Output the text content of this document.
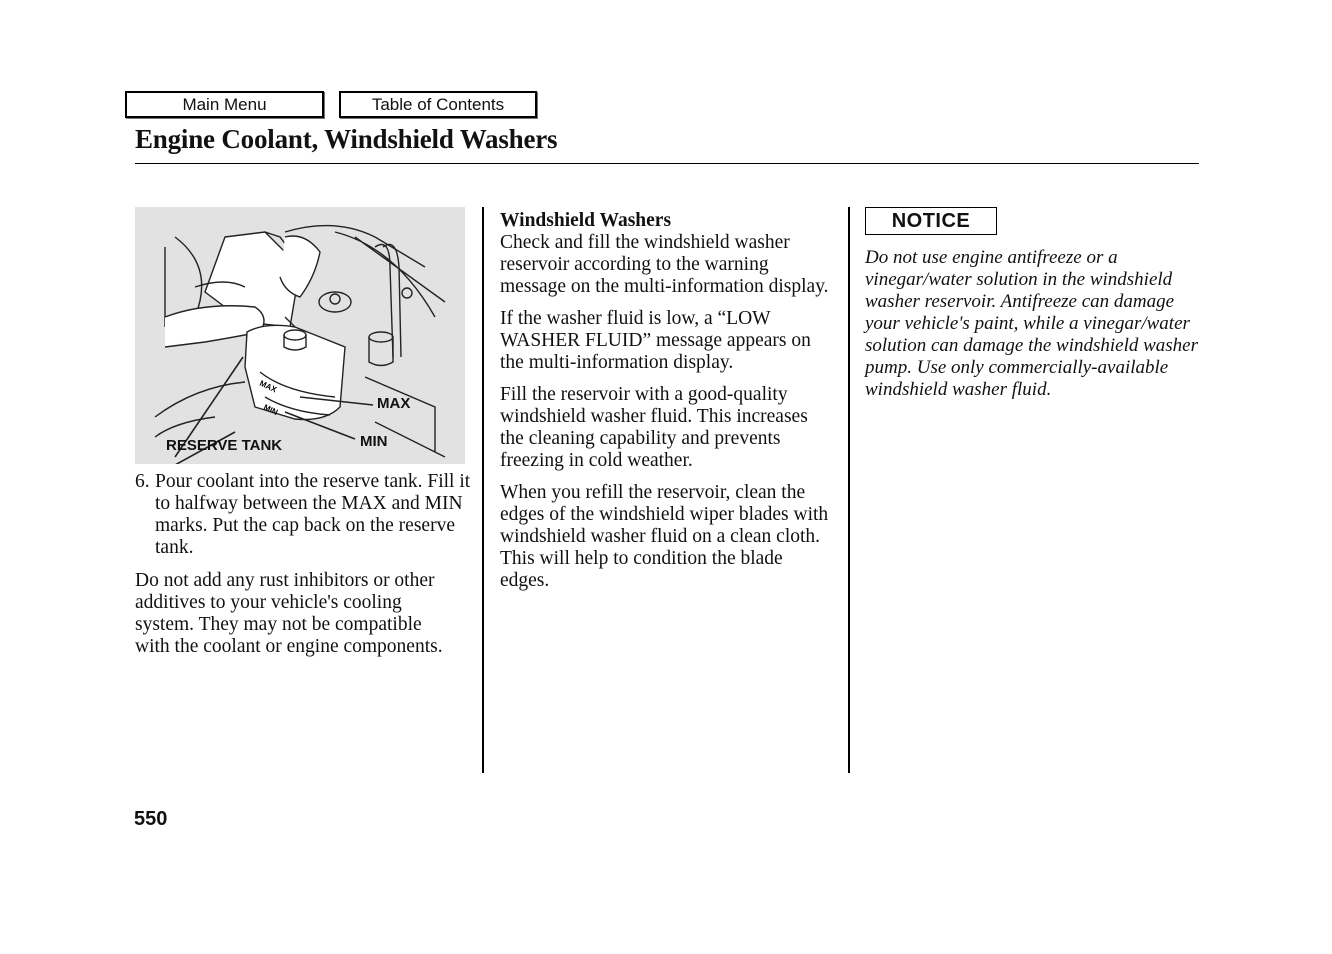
Main Menu	Table of Contents
Engine Coolant, Windshield Washers
MAX
MIN	MAX
MIN
RESERVE TANK
6. Pour coolant into the reserve tank. Fill it to halfway between the MAX and MIN marks. Put the cap back on the reserve tank.
Do not add any rust inhibitors or other additives to your vehicle's cooling system. They may not be compatible with the coolant or engine components.
Windshield Washers

Check and fill the windshield washer reservoir according to the warning message on the multi-information display.

If the washer fluid is low, a “LOW WASHER FLUID” message appears on the multi-information display.

Fill the reservoir with a good-quality windshield washer fluid. This increases the cleaning capability and prevents freezing in cold weather.

When you refill the reservoir, clean the edges of the windshield wiper blades with windshield washer fluid on a clean cloth. This will help to condition the blade edges.

NOTICE
Do not use engine antifreeze or a vinegar/water solution in the windshield washer reservoir. Antifreeze can damage your vehicle's paint, while a vinegar/water solution can damage the windshield washer pump. Use only commercially-available windshield washer fluid.
550
